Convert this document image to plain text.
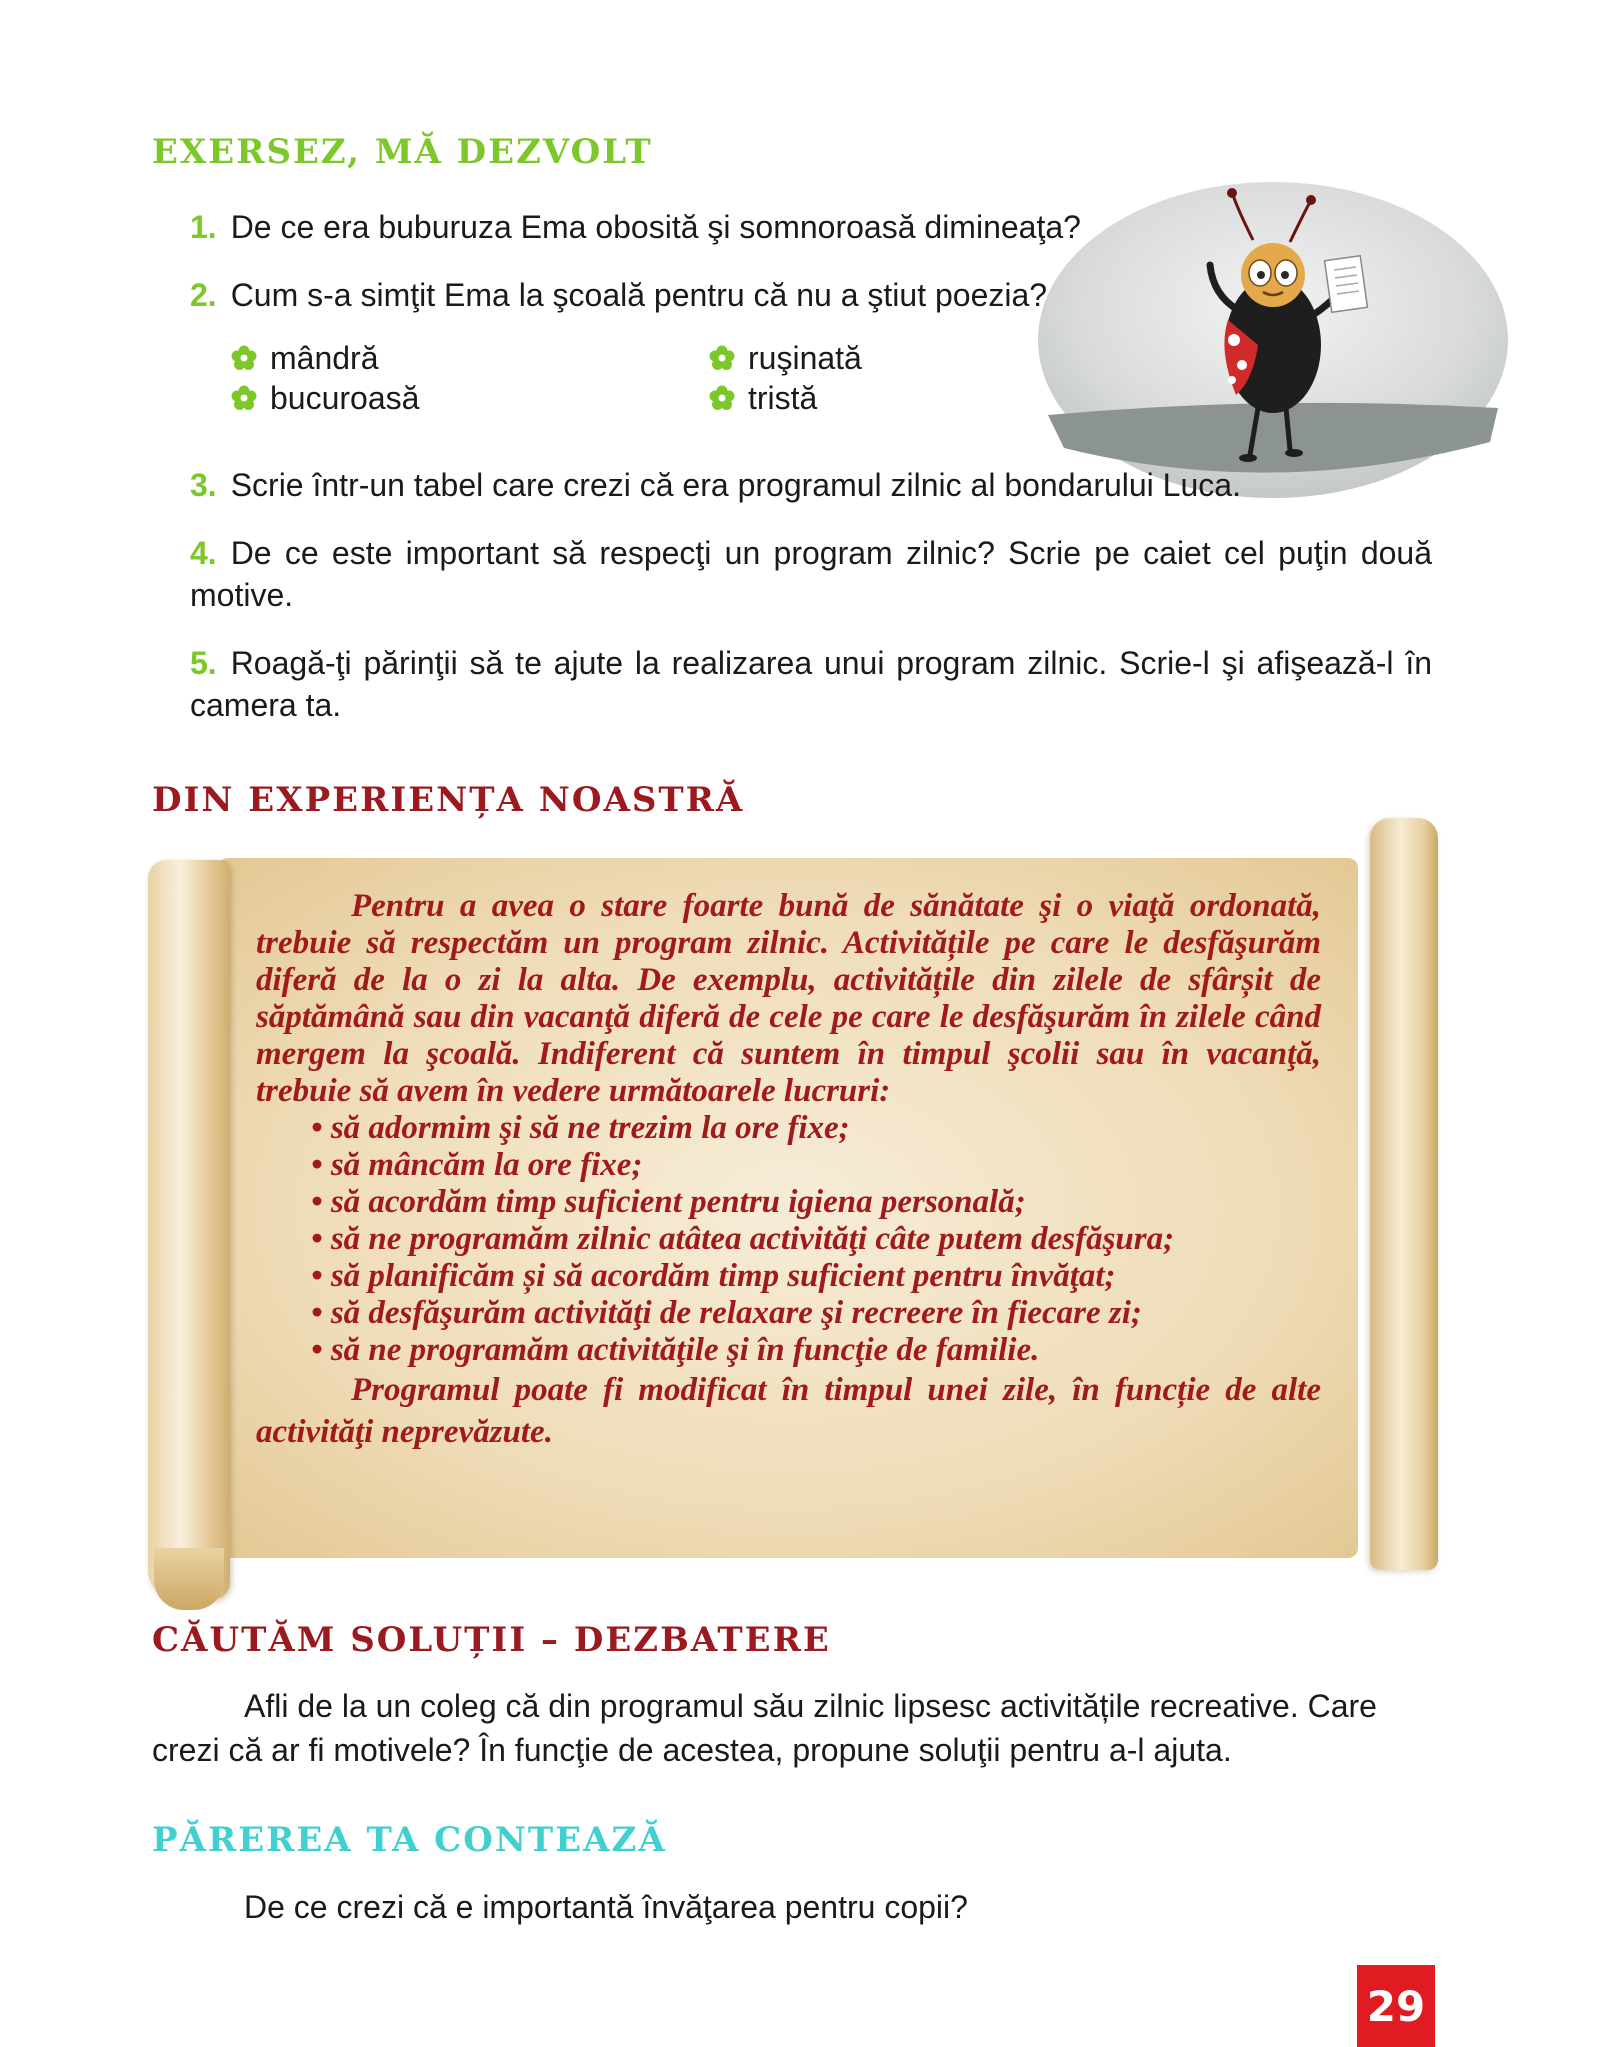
EXERSEZ, MĂ DEZVOLT
1. De ce era buburuza Ema obosită şi somnoroasă dimineaţa?
2. Cum s-a simţit Ema la şcoală pentru că nu a ştiut poezia?
mândră
bucuroasă
ruşinată
tristă
3. Scrie într-un tabel care crezi că era programul zilnic al bondarului Luca.
4. De ce este important să respecţi un program zilnic? Scrie pe caiet cel puţin două motive.
5. Roagă-ţi părinţii să te ajute la realizarea unui program zilnic. Scrie-l şi afişează-l în camera ta.
DIN EXPERIENȚA NOASTRĂ

Pentru a avea o stare foarte bună de sănătate şi o viaţă ordonată, trebuie să respectăm un program zilnic. Activitățile pe care le desfăşurăm diferă de la o zi la alta. De exemplu, activitățile din zilele de sfârșit de săptămână sau din vacanţă diferă de cele pe care le desfăşurăm în zilele când mergem la şcoală. Indiferent că suntem în timpul şcolii sau în vacanţă, trebuie să avem în vedere următoarele lucruri:

• să adormim şi să ne trezim la ore fixe;
• să mâncăm la ore fixe;
• să acordăm timp suficient pentru igiena personală;
• să ne programăm zilnic atâtea activităţi câte putem desfăşura;
• să planificăm și să acordăm timp suficient pentru învăţat;
• să desfăşurăm activităţi de relaxare şi recreere în fiecare zi;
• să ne programăm activităţile şi în funcţie de familie.

Programul poate fi modificat în timpul unei zile, în funcție de alte activităţi neprevăzute.

CĂUTĂM SOLUȚII – DEZBATERE
Afli de la un coleg că din programul său zilnic lipsesc activitățile recreative. Care crezi că ar fi motivele? În funcţie de acestea, propune soluţii pentru a-l ajuta.
PĂREREA TA CONTEAZĂ
De ce crezi că e importantă învăţarea pentru copii?
29
